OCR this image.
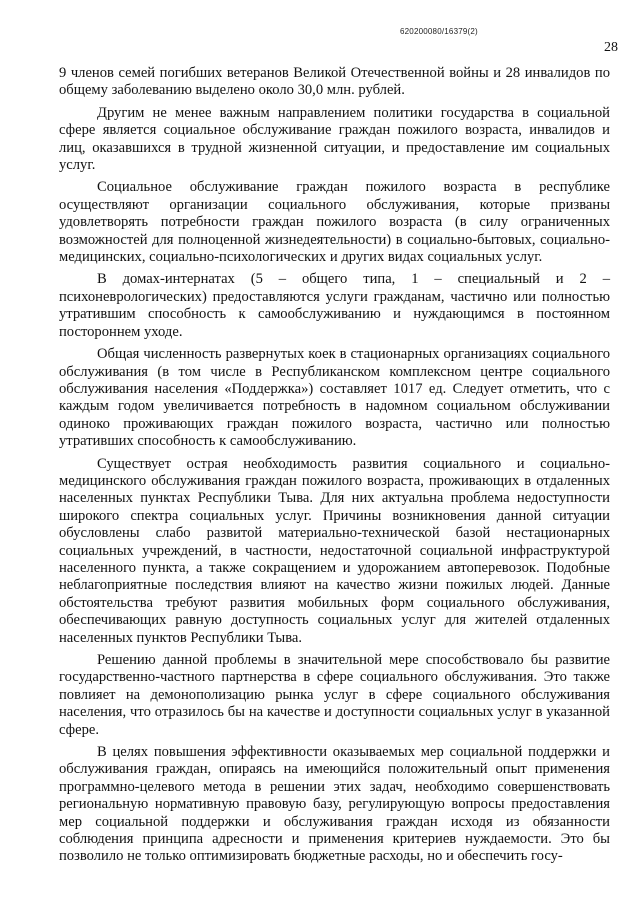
620200080/16379(2)
28

9 членов семей погибших ветеранов Великой Отечественной войны и 28 инвалидов по общему заболеванию выделено около 30,0 млн. рублей.

Другим не менее важным направлением политики государства в социальной сфере является социальное обслуживание граждан пожилого возраста, инвалидов и лиц, оказавшихся в трудной жизненной ситуации, и предоставление им социальных услуг.

Социальное обслуживание граждан пожилого возраста в республике осуществляют организации социального обслуживания, которые призваны удовлетворять потребности граждан пожилого возраста (в силу ограниченных возможностей для полноценной жизнедеятельности) в социально-бытовых, социально-медицинских, социально-психологических и других видах социальных услуг.

В домах-интернатах (5 – общего типа, 1 – специальный и 2 – психоневрологических) предоставляются услуги гражданам, частично или полностью утратившим способность к самообслуживанию и нуждающимся в постоянном постороннем уходе.

Общая численность развернутых коек в стационарных организациях социального обслуживания (в том числе в Республиканском комплексном центре социального обслуживания населения «Поддержка») составляет 1017 ед. Следует отметить, что с каждым годом увеличивается потребность в надомном социальном обслуживании одиноко проживающих граждан пожилого возраста, частично или полностью утративших способность к самообслуживанию.

Существует острая необходимость развития социального и социально-медицинского обслуживания граждан пожилого возраста, проживающих в отдаленных населенных пунктах Республики Тыва. Для них актуальна проблема недоступности широкого спектра социальных услуг. Причины возникновения данной ситуации обусловлены слабо развитой материально-технической базой нестационарных социальных учреждений, в частности, недостаточной социальной инфраструктурой населенного пункта, а также сокращением и удорожанием автоперевозок. Подобные неблагоприятные последствия влияют на качество жизни пожилых людей. Данные обстоятельства требуют развития мобильных форм социального обслуживания, обеспечивающих равную доступность социальных услуг для жителей отдаленных населенных пунктов Республики Тыва.

Решению данной проблемы в значительной мере способствовало бы развитие государственно-частного партнерства в сфере социального обслуживания. Это также повлияет на демонополизацию рынка услуг в сфере социального обслуживания населения, что отразилось бы на качестве и доступности социальных услуг в указанной сфере.

В целях повышения эффективности оказываемых мер социальной поддержки и обслуживания граждан, опираясь на имеющийся положительный опыт применения программно-целевого метода в решении этих задач, необходимо совершенствовать региональную нормативную правовую базу, регулирующую вопросы предоставления мер социальной поддержки и обслуживания граждан исходя из обязанности соблюдения принципа адресности и применения критериев нуждаемости. Это бы позволило не только оптимизировать бюджетные расходы, но и обеспечить госу-
